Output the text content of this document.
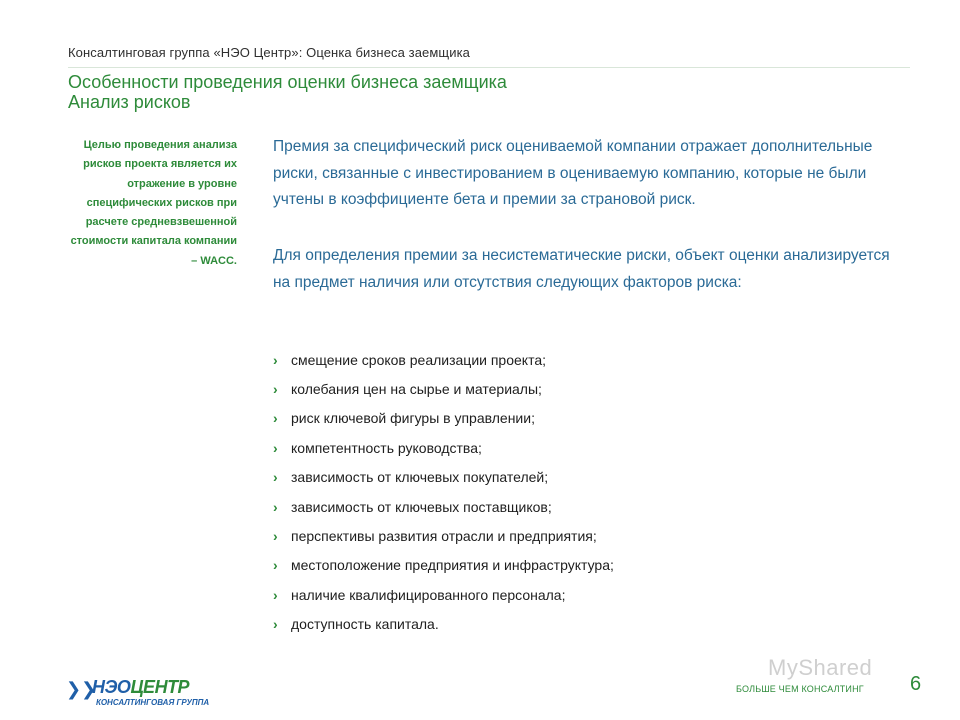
Консалтинговая группа «НЭО Центр»: Оценка бизнеса заемщика
Особенности проведения оценки бизнеса заемщика
Анализ рисков
Целью проведения анализа рисков проекта является их отражение в уровне специфических рисков при расчете средневзвешенной стоимости капитала компании – WACC.

Премия за специфический риск оцениваемой компании отражает дополнительные риски, связанные с инвестированием в оцениваемую компанию, которые не были учтены в коэффициенте бета и премии за страновой риск.

Для определения премии за несистематические риски, объект оценки анализируется на предмет наличия или отсутствия следующих факторов риска:

› смещение сроков реализации проекта;
› колебания цен на сырье и материалы;
› риск ключевой фигуры в управлении;
› компетентность руководства;
› зависимость от ключевых покупателей;
› зависимость от ключевых поставщиков;
› перспективы развития отрасли и предприятия;
› местоположение предприятия и инфраструктура;
› наличие квалифицированного персонала;
› доступность капитала.
❯❯
НЭОЦЕНТР
КОНСАЛТИНГОВАЯ ГРУППА
MyShared
БОЛЬШЕ ЧЕМ КОНСАЛТИНГ 6
